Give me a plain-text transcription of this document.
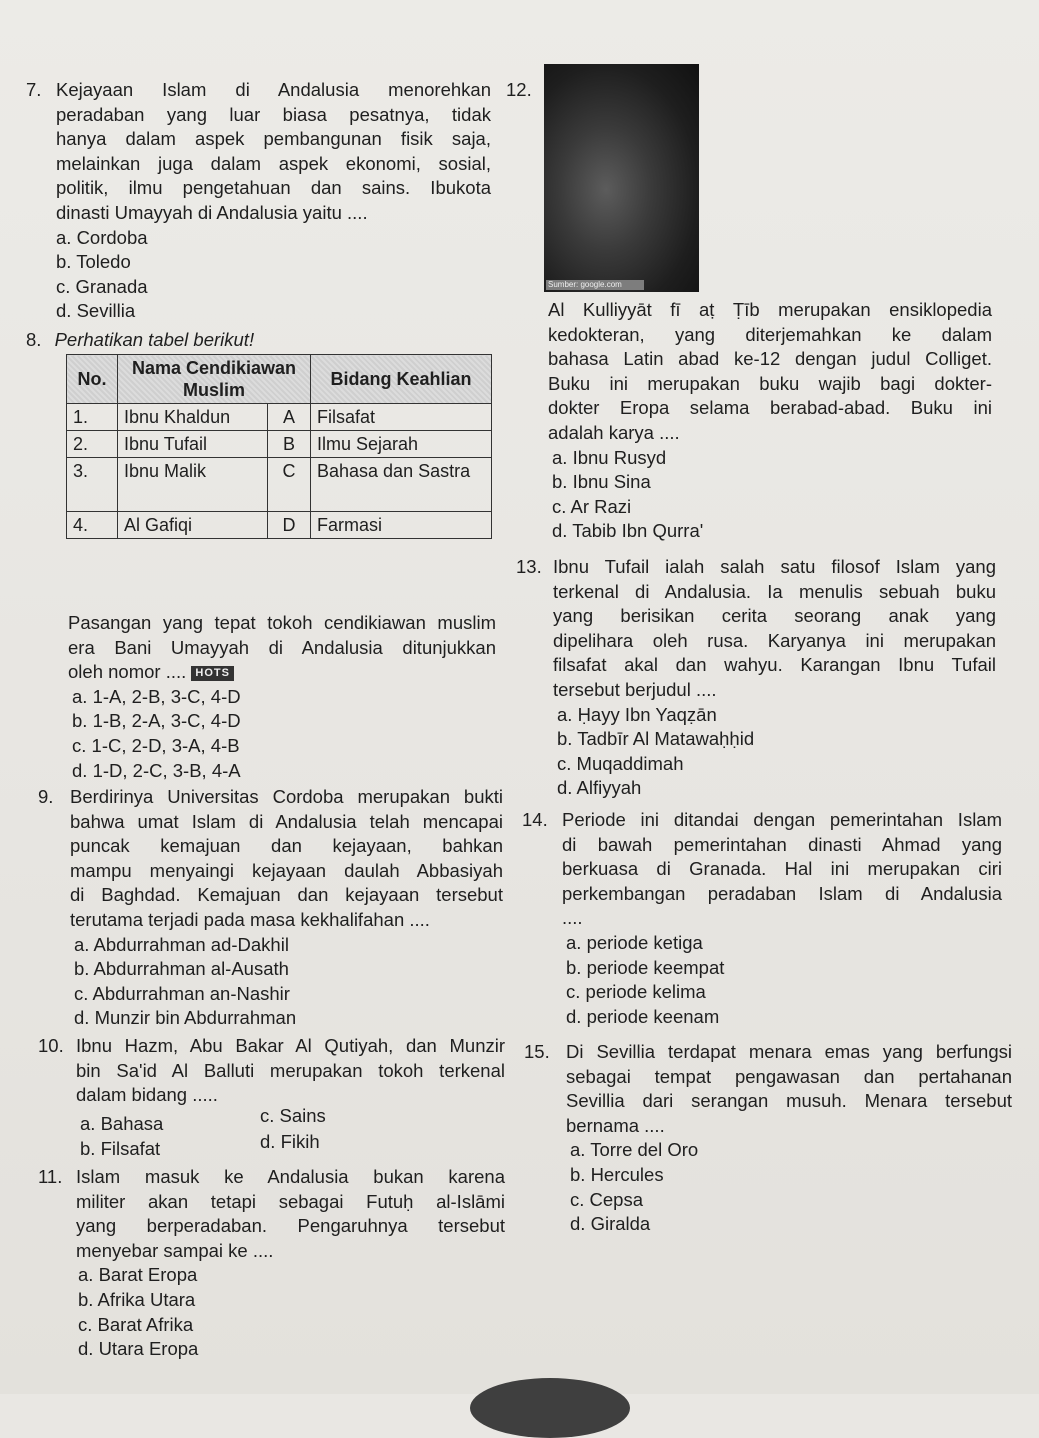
7. Kejayaan Islam di Andalusia menorehkan

peradaban yang luar biasa pesatnya, tidak

hanya dalam aspek pembangunan fisik saja,

melainkan juga dalam aspek ekonomi, sosial,

politik, ilmu pengetahuan dan sains. Ibukota

dinasti Umayyah di Andalusia yaitu ....

a. Cordoba
b. Toledo
c. Granada
d. Sevillia
12.
Sumber: google.com
8. Perhatikan tabel berikut!
No.	Nama Cendikiawan Muslim		Bidang Keahlian
1.	Ibnu Khaldun	A	Filsafat
2.	Ibnu Tufail	B	Ilmu Sejarah
3.	Ibnu Malik	C	Bahasa dan Sastra
4.	Al Gafiqi	D	Farmasi

Pasangan yang tepat tokoh cendikiawan muslim

era Bani Umayyah di Andalusia ditunjukkan

oleh nomor .... HOTS

a. 1-A, 2-B, 3-C, 4-D
b. 1-B, 2-A, 3-C, 4-D
c. 1-C, 2-D, 3-A, 4-B
d. 1-D, 2-C, 3-B, 4-A
9. Berdirinya Universitas Cordoba merupakan bukti

bahwa umat Islam di Andalusia telah mencapai

puncak kemajuan dan kejayaan, bahkan

mampu menyaingi kejayaan daulah Abbasiyah

di Baghdad. Kemajuan dan kejayaan tersebut

terutama terjadi pada masa kekhalifahan ....

a. Abdurrahman ad-Dakhil
b. Abdurrahman al-Ausath
c. Abdurrahman an-Nashir
d. Munzir bin Abdurrahman
10. Ibnu Hazm, Abu Bakar Al Qutiyah, dan Munzir

bin Sa'id Al Balluti merupakan tokoh terkenal

dalam bidang .....

a. Bahasa
b. Filsafat
c. Sains
d. Fikih
11. Islam masuk ke Andalusia bukan karena

militer akan tetapi sebagai Futuḥ al-Islāmi

yang berperadaban. Pengaruhnya tersebut

menyebar sampai ke ....

a. Barat Eropa
b. Afrika Utara
c. Barat Afrika
d. Utara Eropa

Al Kulliyyāt fī aṭ Ṭīb merupakan ensiklopedia

kedokteran, yang diterjemahkan ke dalam

bahasa Latin abad ke-12 dengan judul Colliget.

Buku ini merupakan buku wajib bagi dokter-

dokter Eropa selama berabad-abad. Buku ini

adalah karya ....

a. Ibnu Rusyd
b. Ibnu Sina
c. Ar Razi
d. Tabib Ibn Qurra'
13. Ibnu Tufail ialah salah satu filosof Islam yang

terkenal di Andalusia. Ia menulis sebuah buku

yang berisikan cerita seorang anak yang

dipelihara oleh rusa. Karyanya ini merupakan

filsafat akal dan wahyu. Karangan Ibnu Tufail

tersebut berjudul ....

a. Ḥayy Ibn Yaqẓān
b. Tadbīr Al Matawaḥḥid
c. Muqaddimah
d. Alfiyyah
14. Periode ini ditandai dengan pemerintahan Islam

di bawah pemerintahan dinasti Ahmad yang

berkuasa di Granada. Hal ini merupakan ciri

perkembangan peradaban Islam di Andalusia

....

a. periode ketiga
b. periode keempat
c. periode kelima
d. periode keenam
15. Di Sevillia terdapat menara emas yang berfungsi

sebagai tempat pengawasan dan pertahanan

Sevillia dari serangan musuh. Menara tersebut

bernama ....

a. Torre del Oro
b. Hercules
c. Cepsa
d. Giralda
